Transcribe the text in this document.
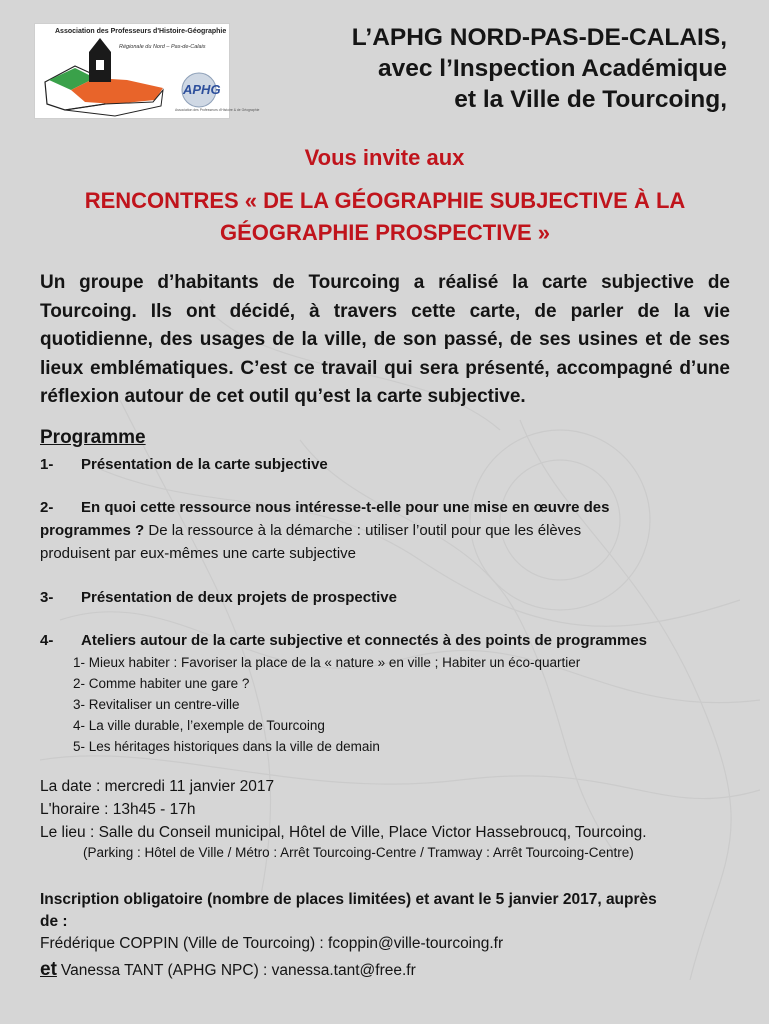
Association des Professeurs d'Histoire-Géographie
Régionale du Nord – Pas-de-Calais
APHG
Association des Professeurs d'Histoire & de Géographie
L’APHG NORD-PAS-DE-CALAIS,
avec l’Inspection Académique
et la Ville de Tourcoing,
Vous invite aux
RENCONTRES « DE LA GÉOGRAPHIE SUBJECTIVE À LA
GÉOGRAPHIE PROSPECTIVE »

Un groupe d’habitants de Tourcoing a réalisé la carte subjective de Tourcoing. Ils ont décidé, à travers cette carte, de parler de la vie quotidienne, des usages de la ville, de son passé, de ses usines et de ses lieux emblématiques. C’est ce travail qui sera présenté, accompagné d’une réflexion autour de cet outil qu’est la carte subjective.

Programme
1-	Présentation de la carte subjective
2-	En quoi cette ressource nous intéresse-t-elle pour une mise en œuvre des
programmes ? De la ressource à la démarche : utiliser l’outil pour que les élèves
produisent par eux-mêmes une carte subjective
3-	Présentation de deux projets de prospective
4-	Ateliers autour de la carte subjective et connectés à des points de programmes
1- Mieux habiter : Favoriser la place de la « nature » en ville ; Habiter un éco-quartier
2- Comme habiter une gare ?
3- Revitaliser un centre-ville
4- La ville durable, l’exemple de Tourcoing
5- Les héritages historiques dans la ville de demain
La date : mercredi 11 janvier 2017
L'horaire : 13h45 - 17h
Le lieu : Salle du Conseil municipal, Hôtel de Ville, Place Victor Hassebroucq, Tourcoing.
(Parking : Hôtel de Ville / Métro : Arrêt Tourcoing-Centre / Tramway : Arrêt Tourcoing-Centre)
Inscription obligatoire (nombre de places limitées) et avant le 5 janvier 2017, auprès
de :
Frédérique COPPIN (Ville de Tourcoing) : fcoppin@ville-tourcoing.fr
et Vanessa TANT (APHG NPC) : vanessa.tant@free.fr
